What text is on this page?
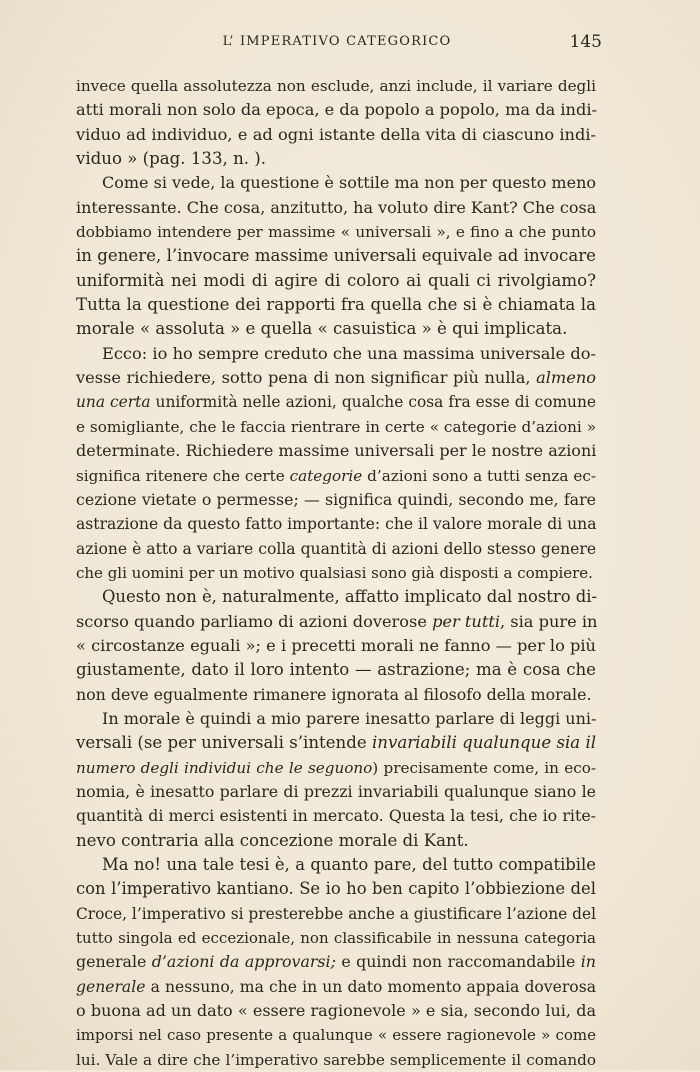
L’ IMPERATIVO CATEGORICO	145
invece quella assolutezza non esclude, anzi include, il variare degli
atti morali non solo da epoca, e da popolo a popolo, ma da indi-
viduo ad individuo, e ad ogni istante della vita di ciascuno indi-
viduo » (pag. 133, n. ).
Come si vede, la questione è sottile ma non per questo meno
interessante. Che cosa, anzitutto, ha voluto dire Kant? Che cosa
dobbiamo intendere per massime « universali », e fino a che punto
in genere, l’invocare massime universali equivale ad invocare
uniformità nei modi di agire di coloro ai quali ci rivolgiamo?
Tutta la questione dei rapporti fra quella che si è chiamata la
morale « assoluta » e quella « casuistica » è qui implicata.
Ecco: io ho sempre creduto che una massima universale do-
vesse richiedere, sotto pena di non significar più nulla, almeno
una certa uniformità nelle azioni, qualche cosa fra esse di comune
e somigliante, che le faccia rientrare in certe « categorie d’azioni »
determinate. Richiedere massime universali per le nostre azioni
significa ritenere che certe categorie d’azioni sono a tutti senza ec-
cezione vietate o permesse; — significa quindi, secondo me, fare
astrazione da questo fatto importante: che il valore morale di una
azione è atto a variare colla quantità di azioni dello stesso genere
che gli uomini per un motivo qualsiasi sono già disposti a compiere.
Questo non è, naturalmente, affatto implicato dal nostro di-
scorso quando parliamo di azioni doverose per tutti, sia pure in
« circostanze eguali »; e i precetti morali ne fanno — per lo più
giustamente, dato il loro intento — astrazione; ma è cosa che
non deve egualmente rimanere ignorata al filosofo della morale.
In morale è quindi a mio parere inesatto parlare di leggi uni-
versali (se per universali s’intende invariabili qualunque sia il
numero degli individui che le seguono) precisamente come, in eco-
nomia, è inesatto parlare di prezzi invariabili qualunque siano le
quantità di merci esistenti in mercato. Questa la tesi, che io rite-
nevo contraria alla concezione morale di Kant.
Ma no! una tale tesi è, a quanto pare, del tutto compatibile
con l’imperativo kantiano. Se io ho ben capito l’obbiezione del
Croce, l’imperativo si presterebbe anche a giustificare l’azione del
tutto singola ed eccezionale, non classificabile in nessuna categoria
generale d’azioni da approvarsi; e quindi non raccomandabile in
generale a nessuno, ma che in un dato momento appaia doverosa
o buona ad un dato « essere ragionevole » e sia, secondo lui, da
imporsi nel caso presente a qualunque « essere ragionevole » come
lui. Vale a dire che l’imperativo sarebbe semplicemente il comando
